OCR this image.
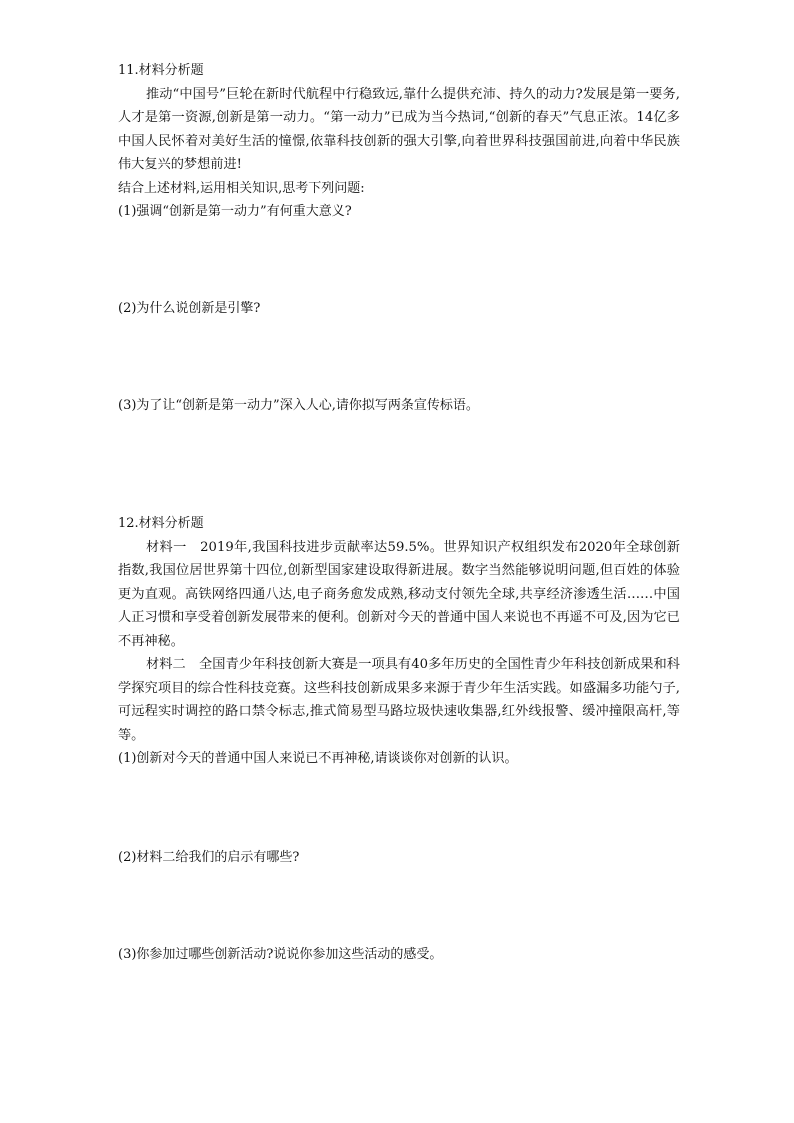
11.材料分析题

推动“中国号”巨轮在新时代航程中行稳致远,靠什么提供充沛、持久的动力?发展是第一要务,人才是第一资源,创新是第一动力。“第一动力”已成为当今热词,“创新的春天”气息正浓。14亿多中国人民怀着对美好生活的憧憬,依靠科技创新的强大引擎,向着世界科技强国前进,向着中华民族伟大复兴的梦想前进!

结合上述材料,运用相关知识,思考下列问题:

(1)强调“创新是第一动力”有何重大意义?

(2)为什么说创新是引擎?
(3)为了让“创新是第一动力”深入人心,请你拟写两条宣传标语。

12.材料分析题

材料一　2019年,我国科技进步贡献率达59.5%。世界知识产权组织发布2020年全球创新指数,我国位居世界第十四位,创新型国家建设取得新进展。数字当然能够说明问题,但百姓的体验更为直观。高铁网络四通八达,电子商务愈发成熟,移动支付领先全球,共享经济渗透生活……中国人正习惯和享受着创新发展带来的便利。创新对今天的普通中国人来说也不再遥不可及,因为它已不再神秘。

材料二　全国青少年科技创新大赛是一项具有40多年历史的全国性青少年科技创新成果和科学探究项目的综合性科技竞赛。这些科技创新成果多来源于青少年生活实践。如盛漏多功能勺子,可远程实时调控的路口禁令标志,推式简易型马路垃圾快速收集器,红外线报警、缓冲撞限高杆,等等。

(1)创新对今天的普通中国人来说已不再神秘,请谈谈你对创新的认识。

(2)材料二给我们的启示有哪些?
(3)你参加过哪些创新活动?说说你参加这些活动的感受。
